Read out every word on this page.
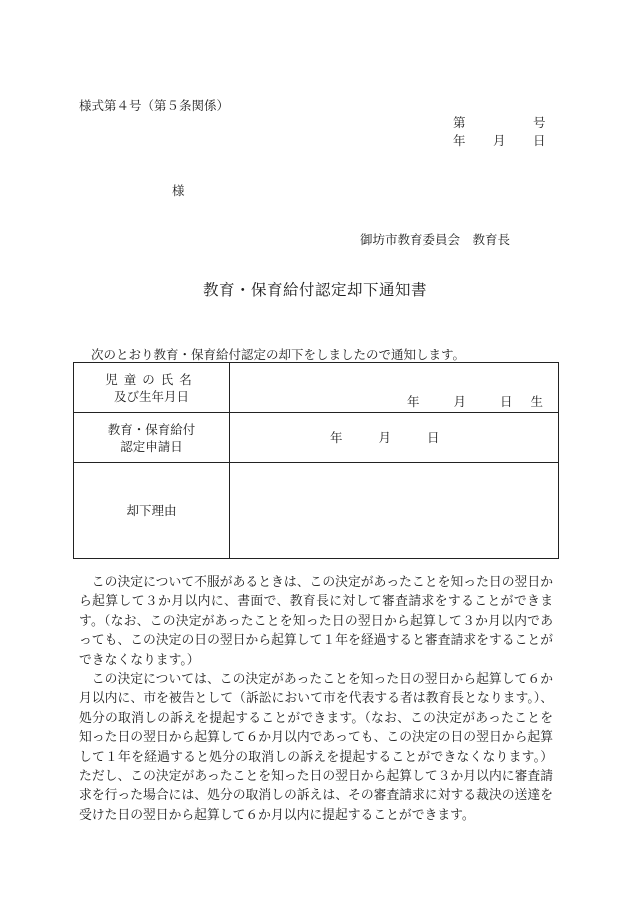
様式第４号（第５条関係）
第	号
年 月 日
様
御坊市教育委員会　教育長
教育・保育給付認定却下通知書
次のとおり教育・保育給付認定の却下をしましたので通知します。
児童の氏名
及び生年月日	年 月 日 生

教育・保育給付
認定申請日	年 月 日

却下理由	

この決定について不服があるときは、この決定があったことを知った日の翌日から起算して３か月以内に、書面で、教育長に対して審査請求をすることができます。（なお、この決定があったことを知った日の翌日から起算して３か月以内であっても、この決定の日の翌日から起算して１年を経過すると審査請求をすることができなくなります。）

この決定については、この決定があったことを知った日の翌日から起算して６か月以内に、市を被告として（訴訟において市を代表する者は教育長となります。）、処分の取消しの訴えを提起することができます。（なお、この決定があったことを知った日の翌日から起算して６か月以内であっても、この決定の日の翌日から起算して１年を経過すると処分の取消しの訴えを提起することができなくなります。）ただし、この決定があったことを知った日の翌日から起算して３か月以内に審査請求を行った場合には、処分の取消しの訴えは、その審査請求に対する裁決の送達を受けた日の翌日から起算して６か月以内に提起することができます。
